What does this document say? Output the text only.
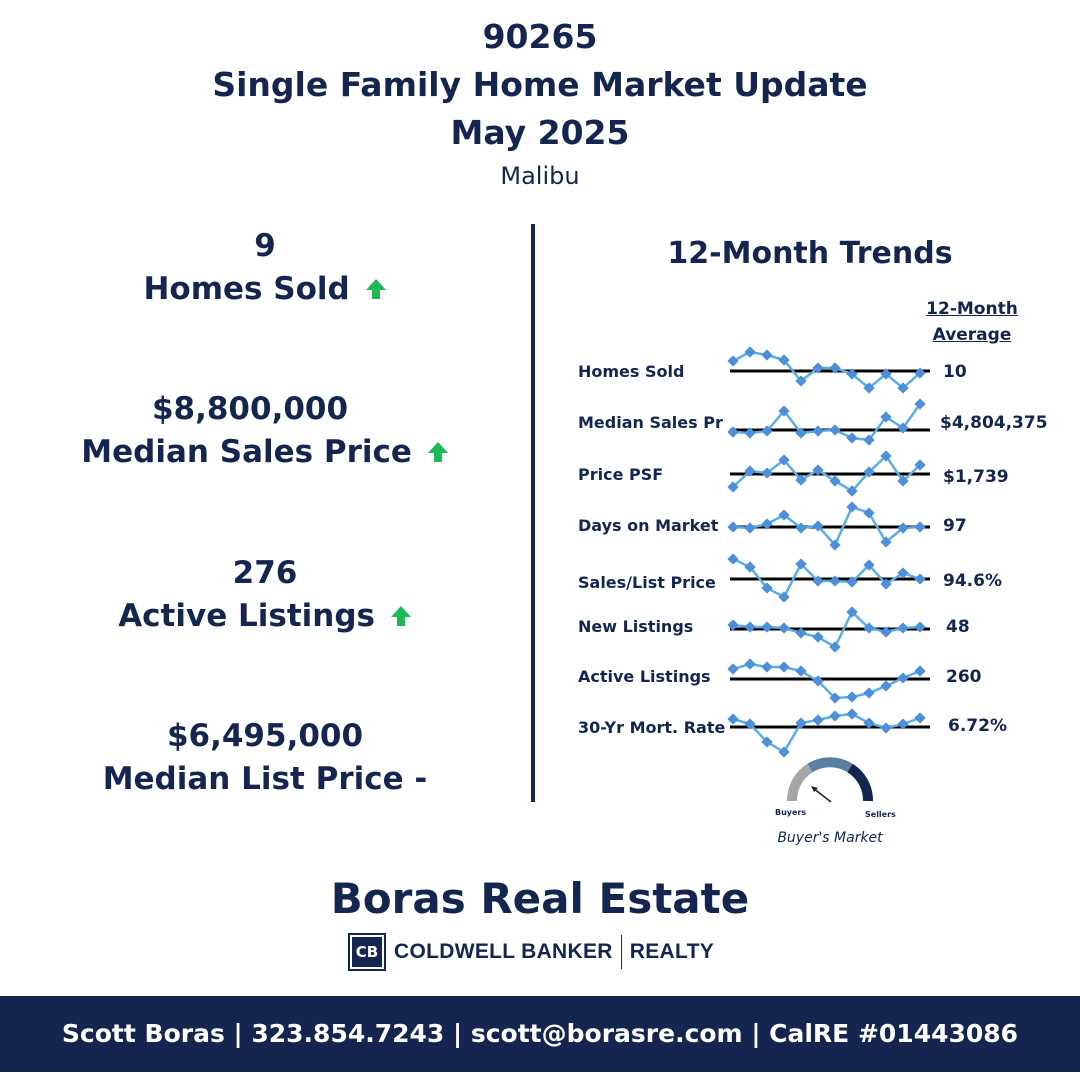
90265
Single Family Home Market Update
May 2025
Malibu
9
Homes Sold
$8,800,000
Median Sales Price
276
Active Listings
$6,495,000
Median List Price -
12-Month Trends
12-Month
Average
Homes Sold
Median Sales Pr
Price PSF
Days on Market
Sales/List Price
New Listings
Active Listings
30-Yr Mort. Rate
10
$4,804,375
$1,739
97
94.6%
48
260
6.72%
Buyers	Sellers
Buyer's Market
Boras Real Estate
CB COLDWELL BANKER REALTY
Scott Boras | 323.854.7243 | scott@borasre.com | CalRE #01443086
